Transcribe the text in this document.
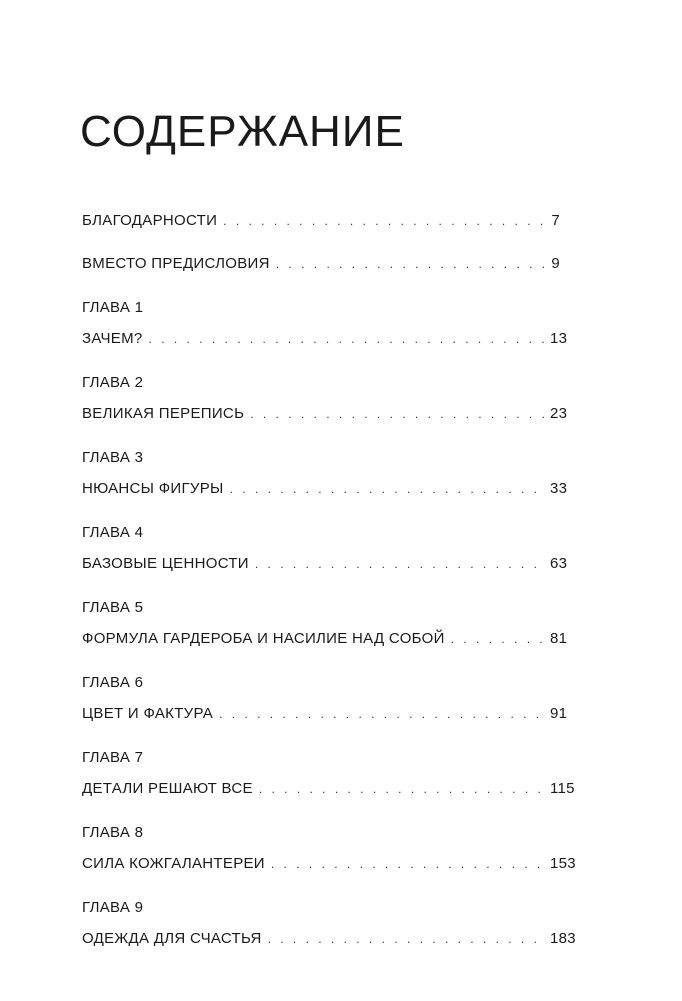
СОДЕРЖАНИЕ
БЛАГОДАРНОСТИ . . .	7
ВМЕСТО ПРЕДИСЛОВИЯ . . .	9
ГЛАВА 1
ЗАЧЕМ? . . .	13
ГЛАВА 2
ВЕЛИКАЯ ПЕРЕПИСЬ . . .	23
ГЛАВА 3
НЮАНСЫ ФИГУРЫ . . .	33
ГЛАВА 4
БАЗОВЫЕ ЦЕННОСТИ . . .	63
ГЛАВА 5
ФОРМУЛА ГАРДЕРОБА И НАСИЛИЕ НАД СОБОЙ . . .	81
ГЛАВА 6
ЦВЕТ И ФАКТУРА . . .	91
ГЛАВА 7
ДЕТАЛИ РЕШАЮТ ВСЕ . . .	115
ГЛАВА 8
СИЛА КОЖГАЛАНТЕРЕИ . . .	153
ГЛАВА 9
ОДЕЖДА ДЛЯ СЧАСТЬЯ . . .	183
